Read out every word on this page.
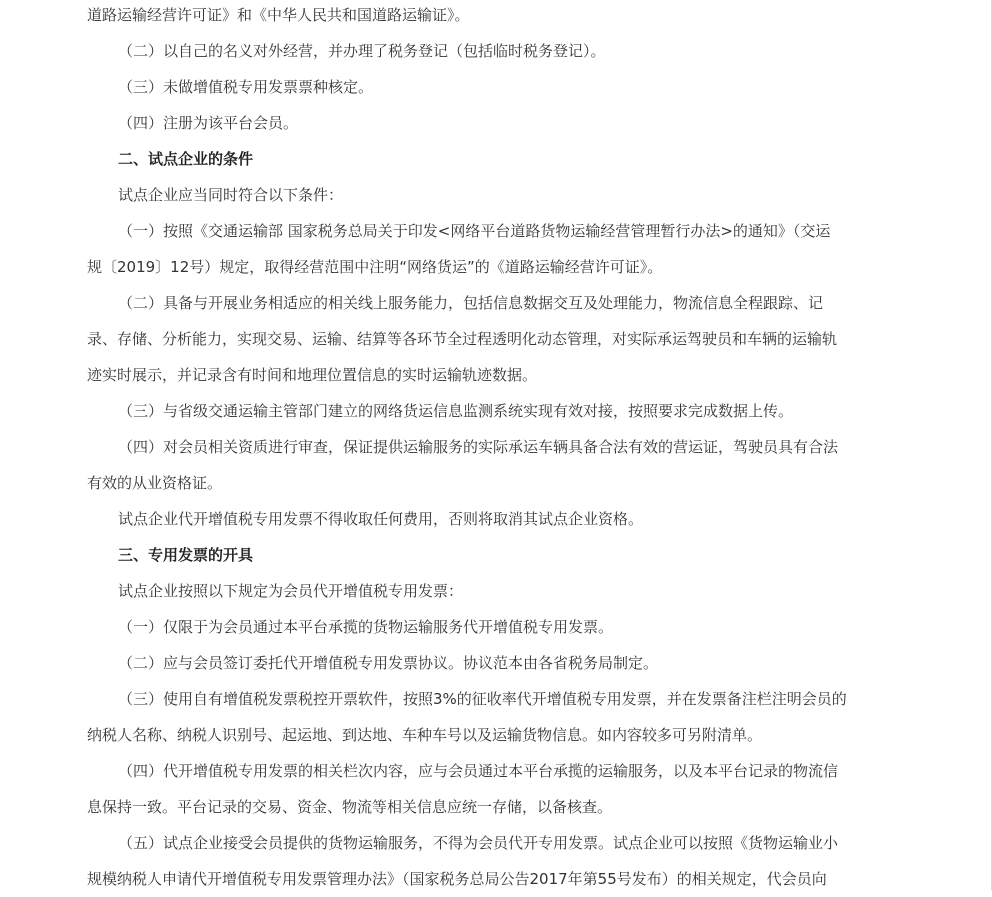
道路运输经营许可证》和《中华人民共和国道路运输证》。

（二）以自己的名义对外经营，并办理了税务登记（包括临时税务登记）。

（三）未做增值税专用发票票种核定。

（四）注册为该平台会员。

二、试点企业的条件

试点企业应当同时符合以下条件：

（一）按照《交通运输部 国家税务总局关于印发<网络平台道路货物运输经营管理暂行办法>的通知》（交运

规〔2019〕12号）规定，取得经营范围中注明“网络货运”的《道路运输经营许可证》。

（二）具备与开展业务相适应的相关线上服务能力，包括信息数据交互及处理能力，物流信息全程跟踪、记

录、存储、分析能力，实现交易、运输、结算等各环节全过程透明化动态管理，对实际承运驾驶员和车辆的运输轨

迹实时展示，并记录含有时间和地理位置信息的实时运输轨迹数据。

（三）与省级交通运输主管部门建立的网络货运信息监测系统实现有效对接，按照要求完成数据上传。

（四）对会员相关资质进行审查，保证提供运输服务的实际承运车辆具备合法有效的营运证，驾驶员具有合法

有效的从业资格证。

试点企业代开增值税专用发票不得收取任何费用，否则将取消其试点企业资格。

三、专用发票的开具

试点企业按照以下规定为会员代开增值税专用发票：

（一）仅限于为会员通过本平台承揽的货物运输服务代开增值税专用发票。

（二）应与会员签订委托代开增值税专用发票协议。协议范本由各省税务局制定。

（三）使用自有增值税发票税控开票软件，按照3%的征收率代开增值税专用发票，并在发票备注栏注明会员的

纳税人名称、纳税人识别号、起运地、到达地、车种车号以及运输货物信息。如内容较多可另附清单。

（四）代开增值税专用发票的相关栏次内容，应与会员通过本平台承揽的运输服务，以及本平台记录的物流信

息保持一致。平台记录的交易、资金、物流等相关信息应统一存储，以备核查。

（五）试点企业接受会员提供的货物运输服务，不得为会员代开专用发票。试点企业可以按照《货物运输业小

规模纳税人申请代开增值税专用发票管理办法》（国家税务总局公告2017年第55号发布）的相关规定，代会员向
